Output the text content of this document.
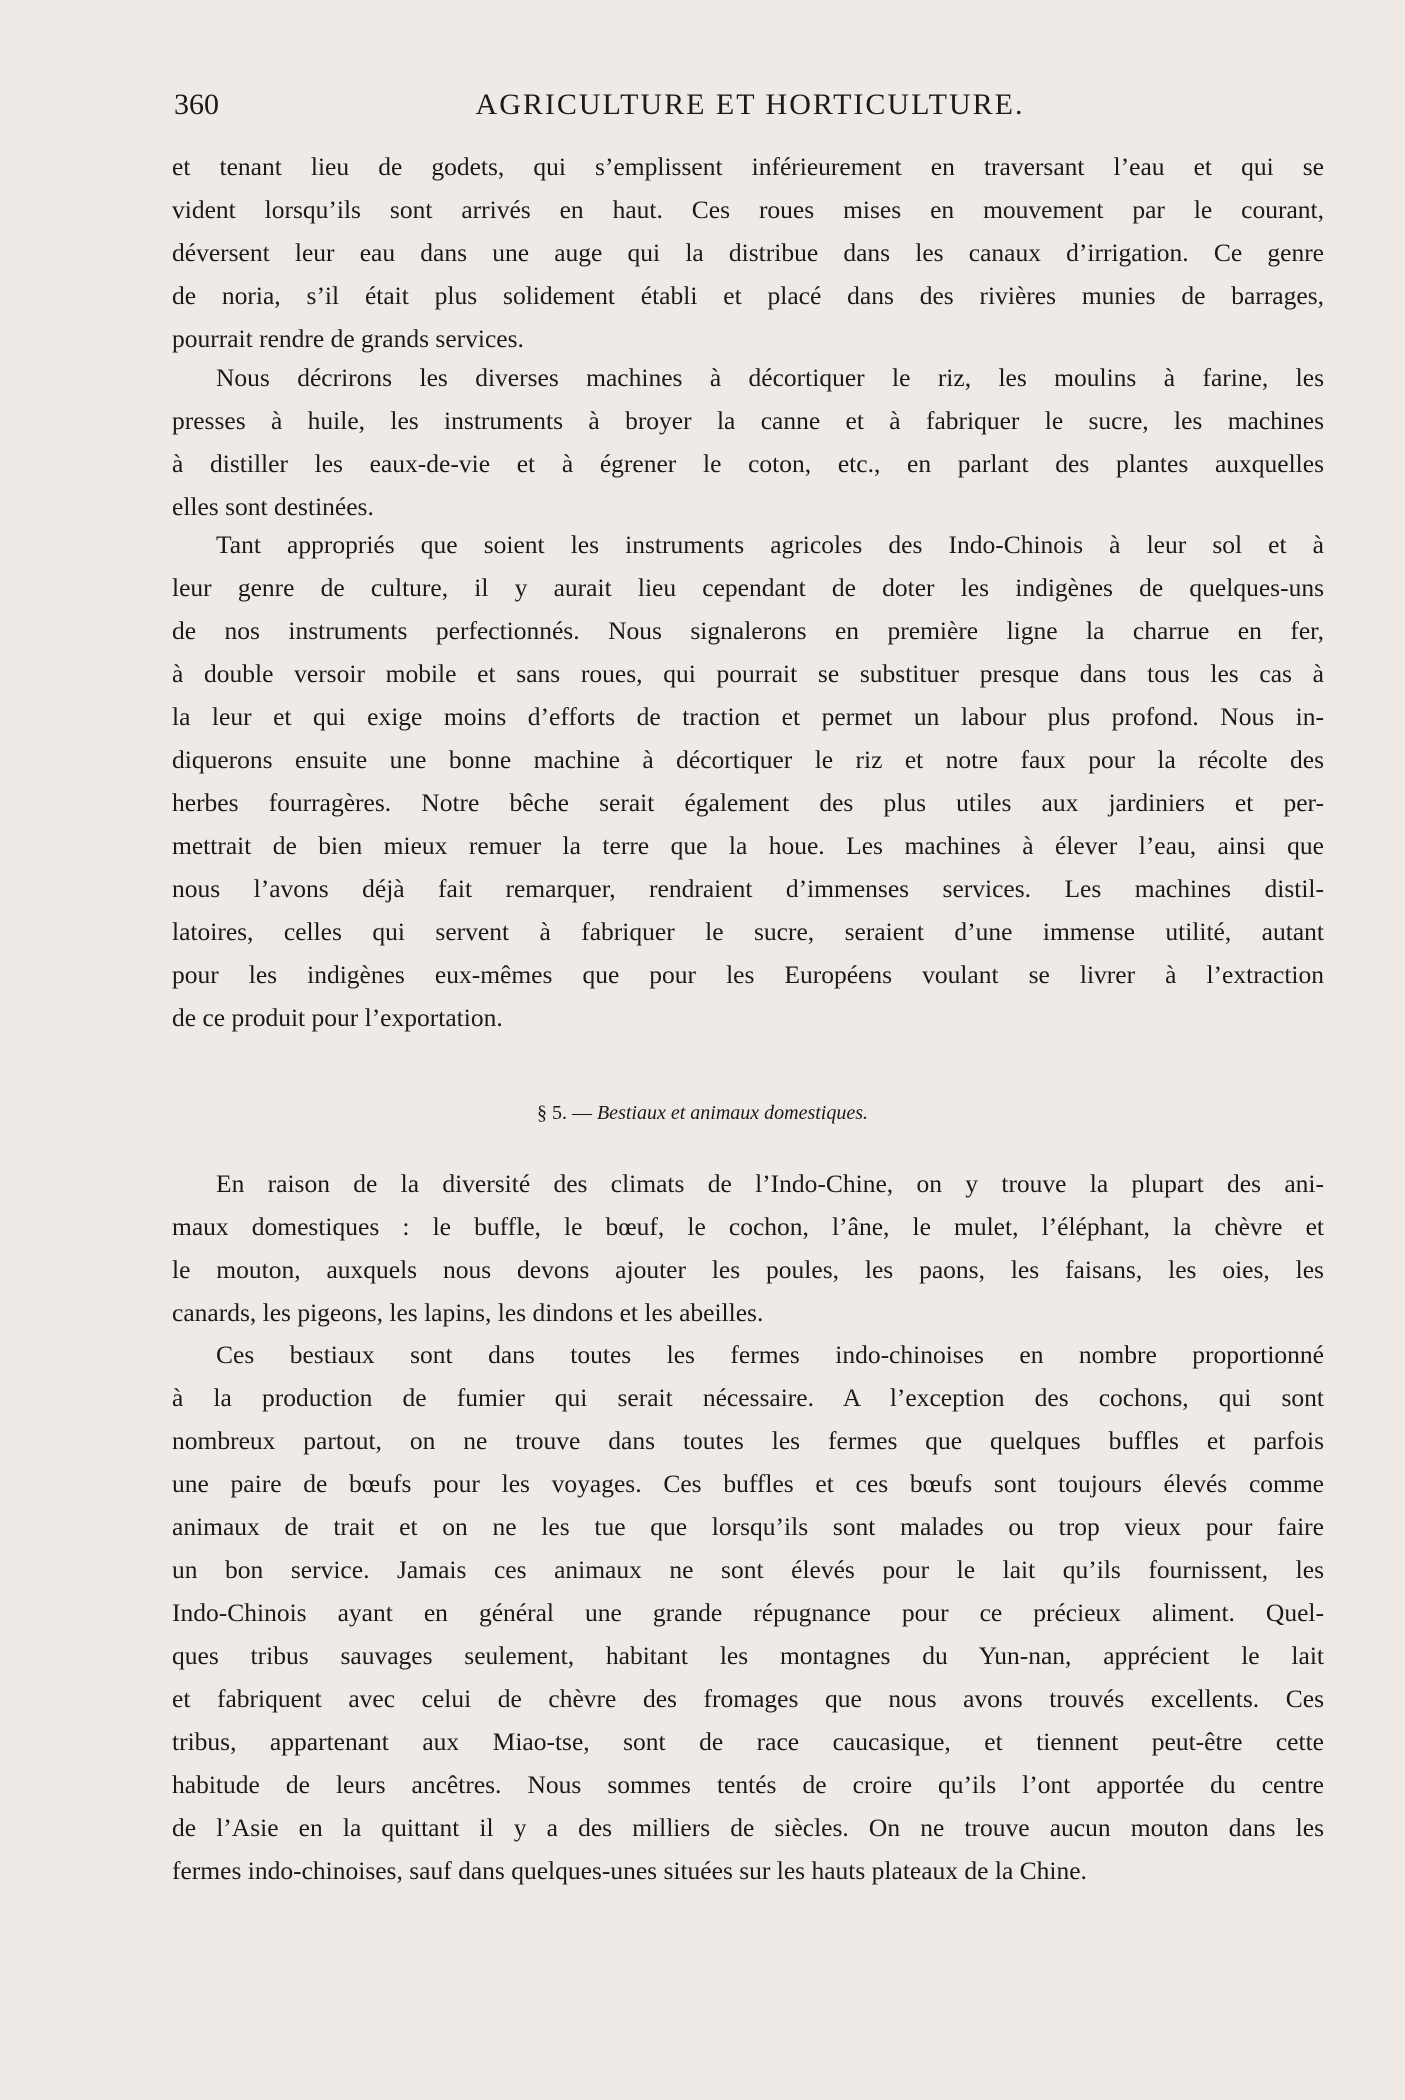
360	AGRICULTURE ET HORTICULTURE.
et tenant lieu de godets, qui s’emplissent inférieurement en traversant l’eau et qui se
vident lorsqu’ils sont arrivés en haut. Ces roues mises en mouvement par le courant,
déversent leur eau dans une auge qui la distribue dans les canaux d’irrigation. Ce genre
de noria, s’il était plus solidement établi et placé dans des rivières munies de barrages,
pourrait rendre de grands services.
Nous décrirons les diverses machines à décortiquer le riz, les moulins à farine, les
presses à huile, les instruments à broyer la canne et à fabriquer le sucre, les machines
à distiller les eaux-de-vie et à égrener le coton, etc., en parlant des plantes auxquelles
elles sont destinées.
Tant appropriés que soient les instruments agricoles des Indo-Chinois à leur sol et à
leur genre de culture, il y aurait lieu cependant de doter les indigènes de quelques-uns
de nos instruments perfectionnés. Nous signalerons en première ligne la charrue en fer,
à double versoir mobile et sans roues, qui pourrait se substituer presque dans tous les cas à
la leur et qui exige moins d’efforts de traction et permet un labour plus profond. Nous in-
diquerons ensuite une bonne machine à décortiquer le riz et notre faux pour la récolte des
herbes fourragères. Notre bêche serait également des plus utiles aux jardiniers et per-
mettrait de bien mieux remuer la terre que la houe. Les machines à élever l’eau, ainsi que
nous l’avons déjà fait remarquer, rendraient d’immenses services. Les machines distil-
latoires, celles qui servent à fabriquer le sucre, seraient d’une immense utilité, autant
pour les indigènes eux-mêmes que pour les Européens voulant se livrer à l’extraction
de ce produit pour l’exportation.
§ 5. — Bestiaux et animaux domestiques.
En raison de la diversité des climats de l’Indo-Chine, on y trouve la plupart des ani-
maux domestiques : le buffle, le bœuf, le cochon, l’âne, le mulet, l’éléphant, la chèvre et
le mouton, auxquels nous devons ajouter les poules, les paons, les faisans, les oies, les
canards, les pigeons, les lapins, les dindons et les abeilles.
Ces bestiaux sont dans toutes les fermes indo-chinoises en nombre proportionné
à la production de fumier qui serait nécessaire. A l’exception des cochons, qui sont
nombreux partout, on ne trouve dans toutes les fermes que quelques buffles et parfois
une paire de bœufs pour les voyages. Ces buffles et ces bœufs sont toujours élevés comme
animaux de trait et on ne les tue que lorsqu’ils sont malades ou trop vieux pour faire
un bon service. Jamais ces animaux ne sont élevés pour le lait qu’ils fournissent, les
Indo-Chinois ayant en général une grande répugnance pour ce précieux aliment. Quel-
ques tribus sauvages seulement, habitant les montagnes du Yun-nan, apprécient le lait
et fabriquent avec celui de chèvre des fromages que nous avons trouvés excellents. Ces
tribus, appartenant aux Miao-tse, sont de race caucasique, et tiennent peut-être cette
habitude de leurs ancêtres. Nous sommes tentés de croire qu’ils l’ont apportée du centre
de l’Asie en la quittant il y a des milliers de siècles. On ne trouve aucun mouton dans les
fermes indo-chinoises, sauf dans quelques-unes situées sur les hauts plateaux de la Chine.
